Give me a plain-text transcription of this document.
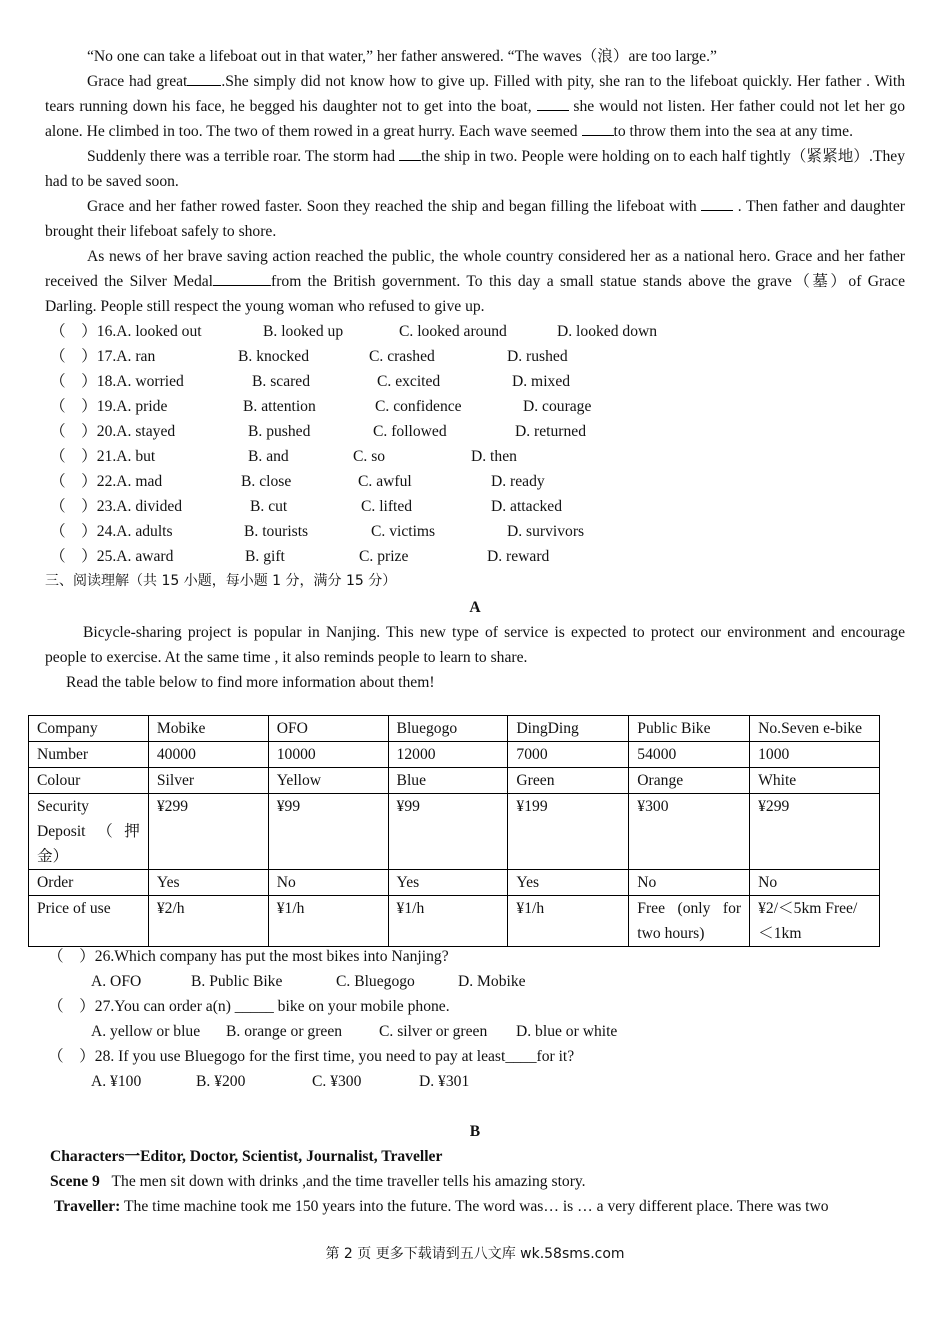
“No one can take a lifeboat out in that water,” her father answered. “The waves（浪）are too large.”

Grace had great .She simply did not know how to give up. Filled with pity, she ran to the lifeboat quickly. Her father . With tears running down his face, he begged his daughter not to get into the boat,	she would not listen. Her father could not let her go alone. He climbed in too. The two of them rowed in a great hurry. Each wave seemed to throw them into the sea at any time.

Suddenly there was a terrible roar. The storm had the ship in two. People were holding on to each half tightly（紧紧地）.They had to be saved soon.

Grace and her father rowed faster. Soon they reached the ship and began filling the lifeboat with	. Then father and daughter brought their lifeboat safely to shore.

As news of her brave saving action reached the public, the whole country considered her as a national hero. Grace and her father received the Silver Medal	from the British government. To this day a small statue stands above the grave（墓）of Grace Darling. People still respect the young woman who refused to give up.

（　）16.A. looked out	B. looked up	C. looked around	D. looked down
（　）17.A. ran	B. knocked	C. crashed	D. rushed
（　）18.A. worried	B. scared	C. excited	D. mixed
（　）19.A. pride	B. attention	C. confidence	D. courage
（　）20.A. stayed	B. pushed	C. followed	D. returned
（　）21.A. but	B. and	C. so	D. then
（　）22.A. mad	B. close	C. awful	D. ready
（　）23.A. divided	B. cut	C. lifted	D. attacked
（　）24.A. adults	B. tourists	C. victims	D. survivors
（　）25.A. award	B. gift	C. prize	D. reward
三、阅读理解（共 15 小题，每小题 1 分，满分 15 分）
A

Bicycle-sharing project is popular in Nanjing. This new type of service is expected to protect our environment and encourage people to exercise. At the same time , it also reminds people to learn to share.

Read the table below to find more information about them!

Company	Mobike	OFO	Bluegogo	DingDing	Public Bike	No.Seven e-bike
Number	40000	10000	12000	7000	54000	1000
Colour	Silver	Yellow	Blue	Green	Orange	White
Security Deposit（押金）	¥299	¥99	¥99	¥199	¥300	¥299
Order	Yes	No	Yes	Yes	No	No
Price of use	¥2/h	¥1/h	¥1/h	¥1/h	Free (only for two hours)	¥2/＜5km Free/＜1km
（　）26.Which company has put the most bikes into Nanjing?
A. OFO	B. Public Bike	C. Bluegogo	D. Mobike
（　）27.You can order a(n) _____ bike on your mobile phone.
A. yellow or blue B. orange or green C. silver or green D. blue or white
（　）28. If you use Bluegogo for the first time, you need to pay at least____for it?
A. ¥100	B. ¥200	C. ¥300	D. ¥301
B

Characters一Editor, Doctor, Scientist, Journalist, Traveller

Scene 9 The men sit down with drinks ,and the time traveller tells his amazing story.

Traveller: The time machine took me 150 years into the future. The word was… is … a very different place. There was two

第 2 页 更多下载请到五八文库 wk.58sms.com
